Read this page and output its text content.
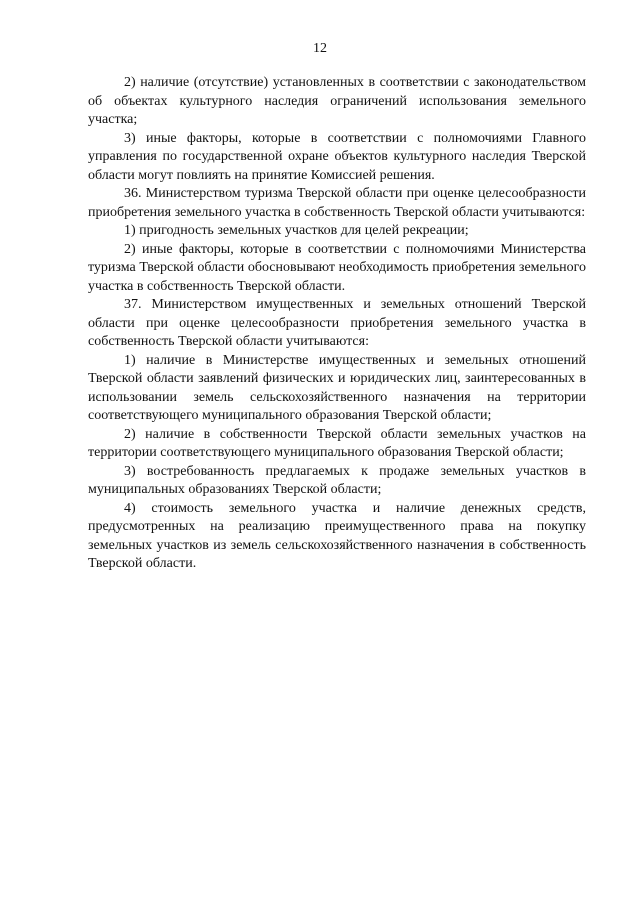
12

2) наличие (отсутствие) установленных в соответствии с законодательством об объектах культурного наследия ограничений использования земельного участка;

3) иные факторы, которые в соответствии с полномочиями Главного управления по государственной охране объектов культурного наследия Тверской области могут повлиять на принятие Комиссией решения.

36. Министерством туризма Тверской области при оценке целесообразности приобретения земельного участка в собственность Тверской области учитываются:

1) пригодность земельных участков для целей рекреации;

2) иные факторы, которые в соответствии с полномочиями Министерства туризма Тверской области обосновывают необходимость приобретения земельного участка в собственность Тверской области.

37. Министерством имущественных и земельных отношений Тверской области при оценке целесообразности приобретения земельного участка в собственность Тверской области учитываются:

1) наличие в Министерстве имущественных и земельных отношений Тверской области заявлений физических и юридических лиц, заинтересованных в использовании земель сельскохозяйственного назначения на территории соответствующего муниципального образования Тверской области;

2) наличие в собственности Тверской области земельных участков на территории соответствующего муниципального образования Тверской области;

3) востребованность предлагаемых к продаже земельных участков в муниципальных образованиях Тверской области;

4) стоимость земельного участка и наличие денежных средств, предусмотренных на реализацию преимущественного права на покупку земельных участков из земель сельскохозяйственного назначения в собственность Тверской области.
